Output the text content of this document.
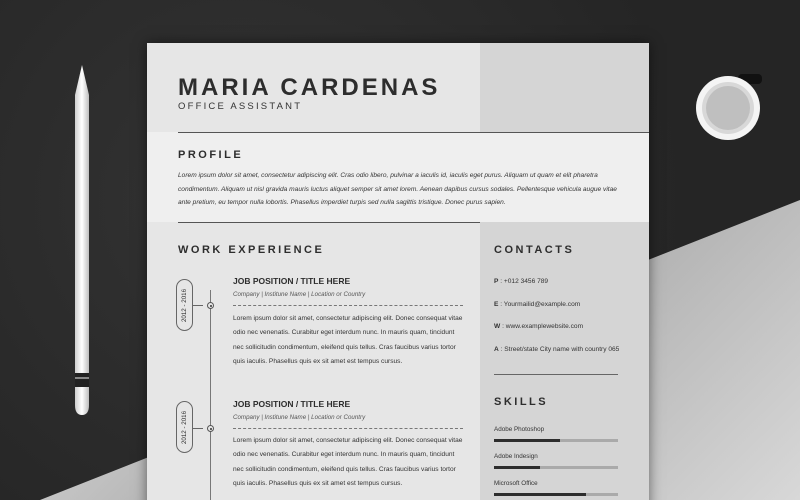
MARIA CARDENAS
OFFICE ASSISTANT
PROFILE
Lorem ipsum dolor sit amet, consectetur adipiscing elit. Cras odio libero, pulvinar a iaculis id, iaculis eget purus. Aliquam ut quam et elit pharetra condimentum. Aliquam ut nisl gravida mauris luctus aliquet semper sit amet lorem. Aenean dapibus cursus sodales. Pellentesque vehicula augue vitae ante pretium, eu tempor nulla lobortis. Phasellus imperdiet turpis sed nulla sagittis tristique. Donec purus sapien.
WORK EXPERIENCE
2012 - 2016
JOB POSITION / TITLE HERE
Company | Institune Name | Location or Country
Lorem ipsum dolor sit amet, consectetur adipiscing elit. Donec consequat vitae odio nec venenatis. Curabitur eget interdum nunc. In mauris quam, tincidunt nec sollicitudin condimentum, eleifend quis tellus. Cras faucibus varius tortor quis iaculis. Phasellus quis ex sit amet est tempus cursus.
2012 - 2016
JOB POSITION / TITLE HERE
Company | Institune Name | Location or Country
Lorem ipsum dolor sit amet, consectetur adipiscing elit. Donec consequat vitae odio nec venenatis. Curabitur eget interdum nunc. In mauris quam, tincidunt nec sollicitudin condimentum, eleifend quis tellus. Cras faucibus varius tortor quis iaculis. Phasellus quis ex sit amet est tempus cursus.
CONTACTS
P : +012 3456 789
E : Yourmailid@example.com
W : www.examplewebsite.com
A : Street/state City name with country 065
SKILLS
Adobe Photoshop
Adobe Indesign
Microsoft Office
